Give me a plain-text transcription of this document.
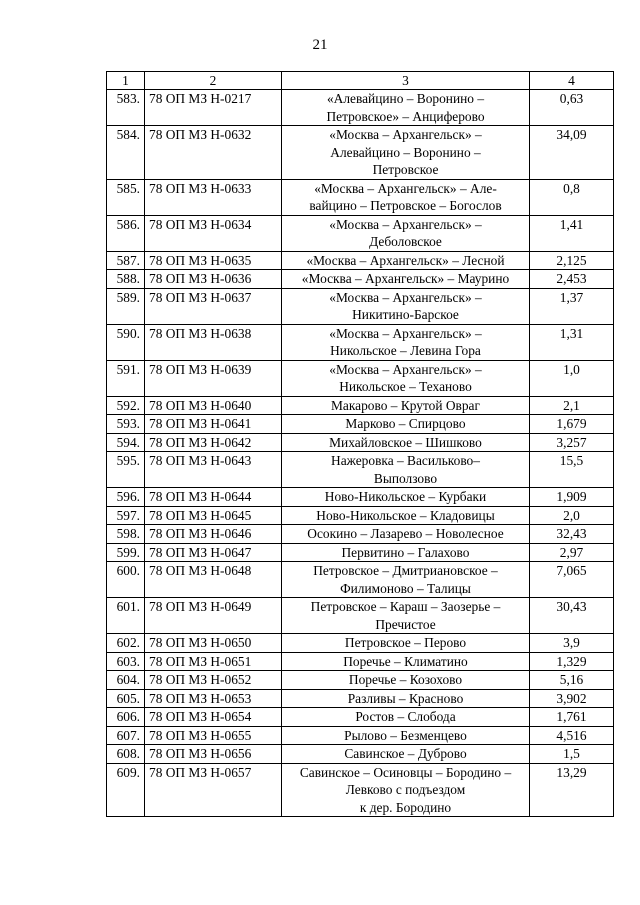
21
1	2	3	4
583.	78 ОП МЗ Н-0217	«Алевайцино – Воронино –
Петровское» – Анциферово	0,63
584.	78 ОП МЗ Н-0632	«Москва – Архангельск» –
Алевайцино – Воронино –
Петровское	34,09
585.	78 ОП МЗ Н-0633	«Москва – Архангельск» – Але-
вайцино – Петровское – Богослов	0,8
586.	78 ОП МЗ Н-0634	«Москва – Архангельск» –
Деболовское	1,41
587.	78 ОП МЗ Н-0635	«Москва – Архангельск» – Лесной	2,125
588.	78 ОП МЗ Н-0636	«Москва – Архангельск» – Маурино	2,453
589.	78 ОП МЗ Н-0637	«Москва – Архангельск» –
Никитино-Барское	1,37
590.	78 ОП МЗ Н-0638	«Москва – Архангельск» –
Никольское – Левина Гора	1,31
591.	78 ОП МЗ Н-0639	«Москва – Архангельск» –
Никольское – Теханово	1,0
592.	78 ОП МЗ Н-0640	Макарово – Крутой Овраг	2,1
593.	78 ОП МЗ Н-0641	Марково – Спирцово	1,679
594.	78 ОП МЗ Н-0642	Михайловское – Шишково	3,257
595.	78 ОП МЗ Н-0643	Нажеровка – Васильково–
Выползово	15,5
596.	78 ОП МЗ Н-0644	Ново-Никольское – Курбаки	1,909
597.	78 ОП МЗ Н-0645	Ново-Никольское – Кладовицы	2,0
598.	78 ОП МЗ Н-0646	Осокино – Лазарево – Новолесное	32,43
599.	78 ОП МЗ Н-0647	Первитино – Галахово	2,97
600.	78 ОП МЗ Н-0648	Петровское – Дмитриановское –
Филимоново – Талицы	7,065
601.	78 ОП МЗ Н-0649	Петровское – Караш – Заозерье –
Пречистое	30,43
602.	78 ОП МЗ Н-0650	Петровское – Перово	3,9
603.	78 ОП МЗ Н-0651	Поречье – Климатино	1,329
604.	78 ОП МЗ Н-0652	Поречье – Козохово	5,16
605.	78 ОП МЗ Н-0653	Разливы – Красново	3,902
606.	78 ОП МЗ Н-0654	Ростов – Слобода	1,761
607.	78 ОП МЗ Н-0655	Рылово – Безменцево	4,516
608.	78 ОП МЗ Н-0656	Савинское – Дуброво	1,5
609.	78 ОП МЗ Н-0657	Савинское – Осиновцы – Бородино –
Левково с подъездом
к дер. Бородино	13,29
